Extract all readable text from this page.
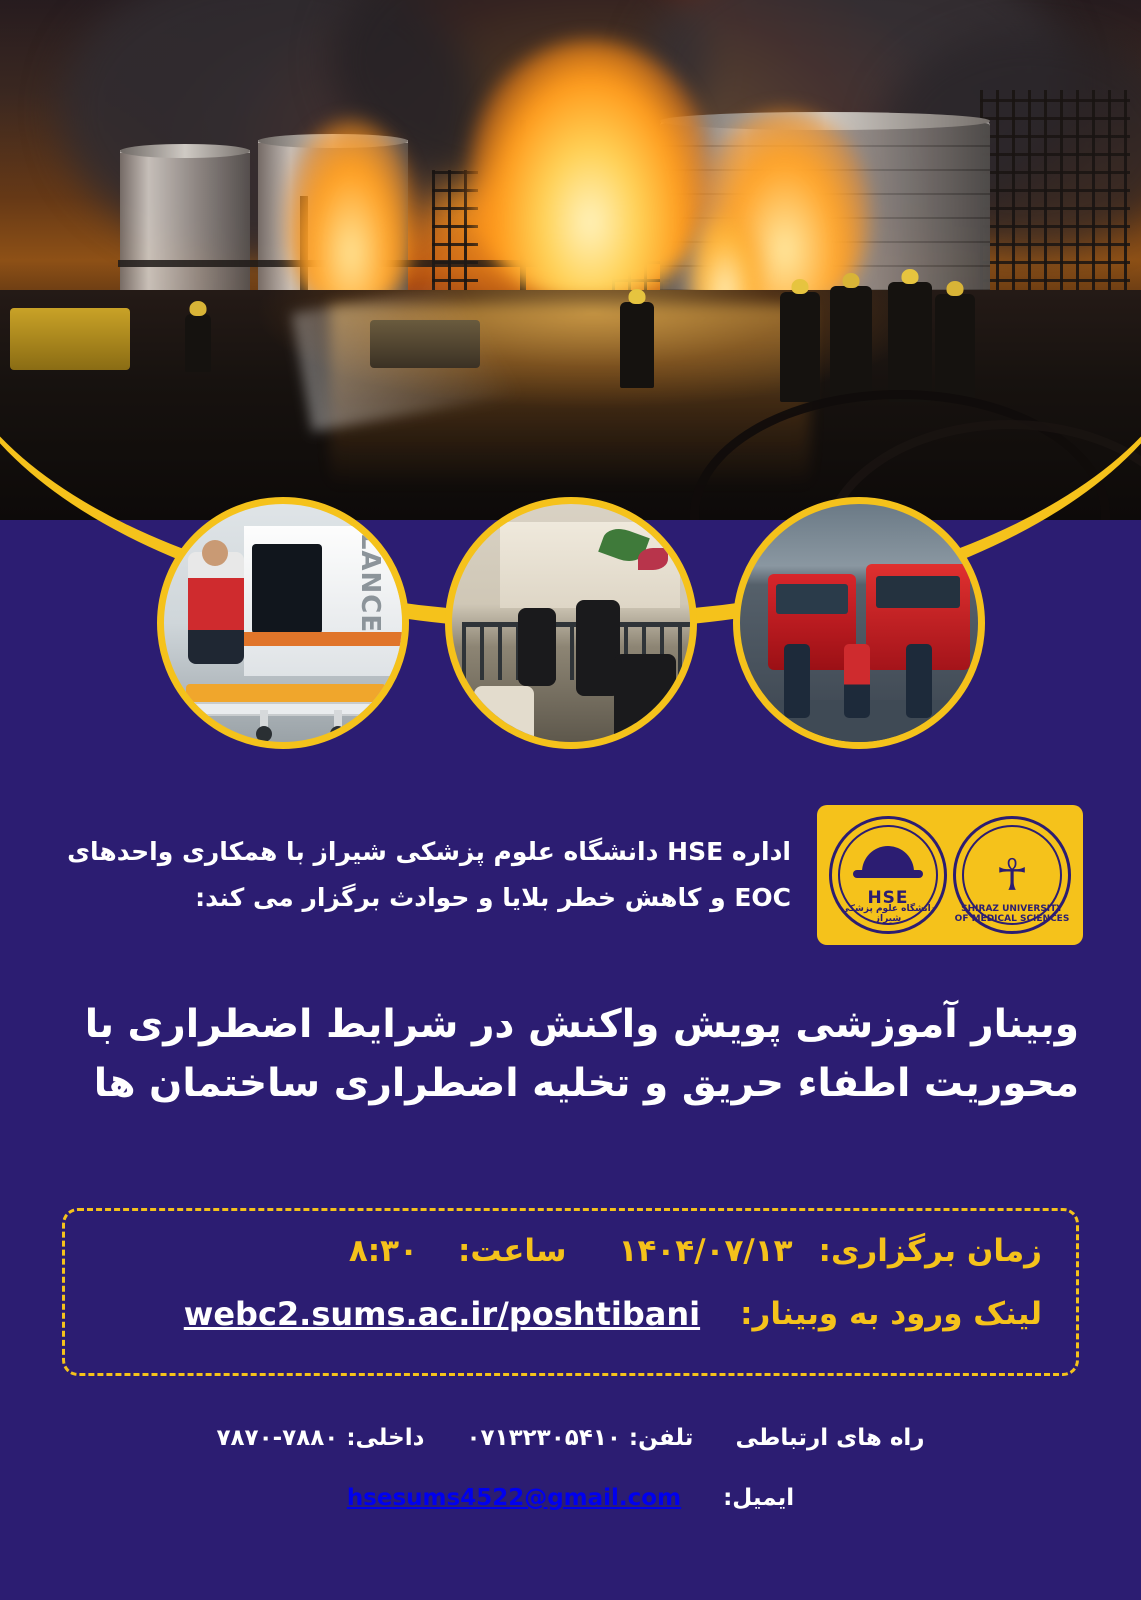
LANCE
☥
SHIRAZ UNIVERSITY OF MEDICAL SCIENCES
HSE
دانشگاه علوم پزشکی شیراز
اداره HSE دانشگاه علوم پزشکی شیراز با همکاری واحدهای
EOC و کاهش خطر بلایا و حوادث برگزار می کند:
وبینار آموزشی پویش واکنش در شرایط اضطراری با
محوریت اطفاء حریق و تخلیه اضطراری ساختمان ها
زمان برگزاری:
۱۴۰۴/۰۷/۱۳
ساعت:
۸:۳۰
لینک ورود به وبینار:
webc2.sums.ac.ir/poshtibani
راه های ارتباطی  تلفن: ۰۷۱۳۲۳۰۵۴۱۰  داخلی: ۷۸۸۰-۷۸۷۰
ایمیل:  hsesums4522@gmail.com
